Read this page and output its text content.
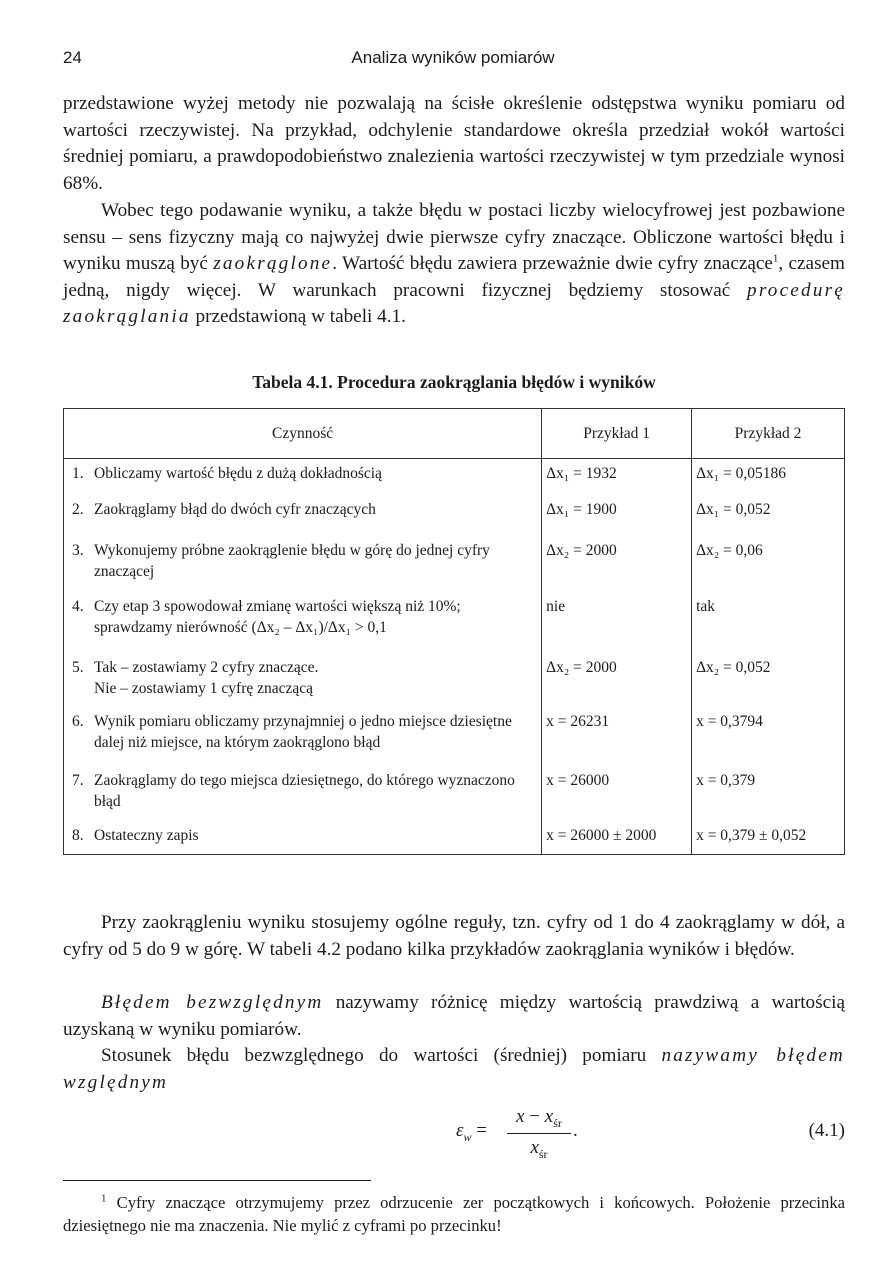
24	Analiza wyników pomiarów

przedstawione wyżej metody nie pozwalają na ścisłe określenie odstępstwa wyniku pomiaru od wartości rzeczywistej. Na przykład, odchylenie standardowe określa przedział wokół wartości średniej pomiaru, a prawdopodobieństwo znalezienia wartości rzeczywistej w tym przedziale wynosi 68%.

Wobec tego podawanie wyniku, a także błędu w postaci liczby wielocyfrowej jest pozbawione sensu – sens fizyczny mają co najwyżej dwie pierwsze cyfry znaczące. Obliczone wartości błędu i wyniku muszą być zaokrąglone. Wartość błędu zawiera przeważnie dwie cyfry znaczące$^1$, czasem jedną, nigdy więcej. W warunkach pracowni fizycznej będziemy stosować procedurę zaokrąglania przedstawioną w tabeli 4.1.

Tabela 4.1. Procedura zaokrąglania błędów i wyników
Czynność	Przykład 1	Przykład 2

1. Obliczamy wartość błędu z dużą dokładnością	Δx₁ = 1932	Δx₁ = 0,05186

2. Zaokrąglamy błąd do dwóch cyfr znaczących	Δx₁ = 1900	Δx₁ = 0,052

3. Wykonujemy próbne zaokrąglenie błędu w górę do jednej cyfry znaczącej	Δx₂ = 2000	Δx₂ = 0,06

4. Czy etap 3 spowodował zmianę wartości większą niż 10%; sprawdzamy nierówność (Δx₂ – Δx₁)/Δx₁ > 0,1	nie	tak

5. Tak – zostawiamy 2 cyfry znaczące.
Nie – zostawiamy 1 cyfrę znaczącą	Δx₂ = 2000	Δx₂ = 0,052

6. Wynik pomiaru obliczamy przynajmniej o jedno miejsce dziesiętne dalej niż miejsce, na którym zaokrąglono błąd	x = 26231	x = 0,3794

7. Zaokrąglamy do tego miejsca dziesiętnego, do którego wyznaczono błąd	x = 26000	x = 0,379

8. Ostateczny zapis	x = 26000 ± 2000	x = 0,379 ± 0,052

Przy zaokrągleniu wyniku stosujemy ogólne reguły, tzn. cyfry od 1 do 4 zaokrąglamy w dół, a cyfry od 5 do 9 w górę. W tabeli 4.2 podano kilka przykładów zaokrąglania wyników i błędów.

Błędem bezwzględnym nazywamy różnicę między wartością prawdziwą a wartością uzyskaną w wyniku pomiarów.

Stosunek błędu bezwzględnego do wartości (średniej) pomiaru nazywamy błędem względnym

$\varepsilon_w$ =
$x - x_{śr}$
$x_{śr}$
.	(4.1)

$^1$ Cyfry znaczące otrzymujemy przez odrzucenie zer początkowych i końcowych. Położenie przecinka dziesiętnego nie ma znaczenia. Nie mylić z cyframi po przecinku!
